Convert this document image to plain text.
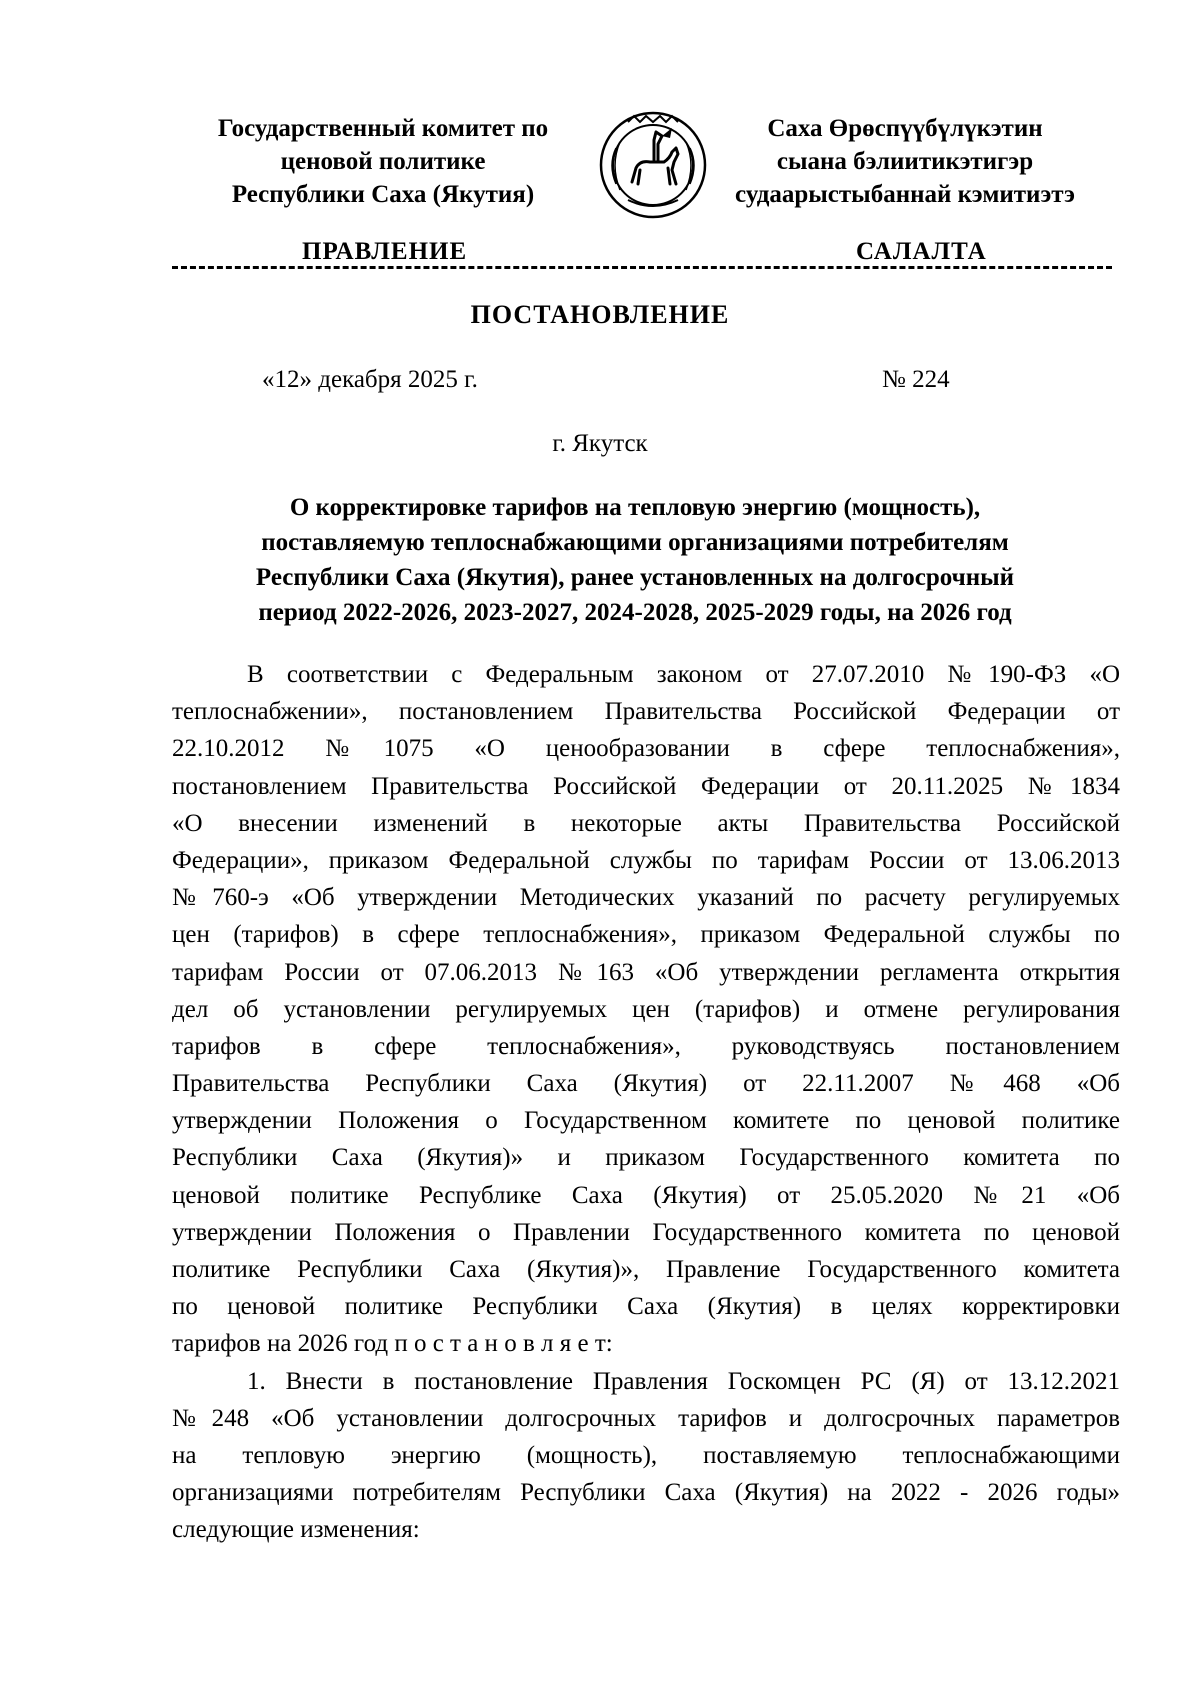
Государственный комитет по
ценовой политике
Республики Саха (Якутия)
Саха Өрөспүүбүлүкэтин
сыана бэлиитикэтигэр
судаарыстыбаннай кэмитиэтэ
ПРАВЛЕНИЕ	САЛАЛТА
ПОСТАНОВЛЕНИЕ
«12» декабря 2025 г.	№ 224
г. Якутск
О корректировке тарифов на тепловую энергию (мощность),
поставляемую теплоснабжающими организациями потребителям
Республики Саха (Якутия), ранее установленных на долгосрочный
период 2022-2026, 2023-2027, 2024-2028, 2025-2029 годы, на 2026 год
В соответствии с Федеральным законом от 27.07.2010 №190-ФЗ «О
теплоснабжении», постановлением Правительства Российской Федерации от
22.10.2012 №1075 «О ценообразовании в сфере теплоснабжения»,
постановлением Правительства Российской Федерации от 20.11.2025 №1834
«О внесении изменений в некоторые акты Правительства Российской
Федерации», приказом Федеральной службы по тарифам России от 13.06.2013
№760-э «Об утверждении Методических указаний по расчету регулируемых
цен (тарифов) в сфере теплоснабжения», приказом Федеральной службы по
тарифам России от 07.06.2013 №163 «Об утверждении регламента открытия
дел об установлении регулируемых цен (тарифов) и отмене регулирования
тарифов в сфере теплоснабжения», руководствуясь постановлением
Правительства Республики Саха (Якутия) от 22.11.2007 №468 «Об
утверждении Положения о Государственном комитете по ценовой политике
Республики Саха (Якутия)» и приказом Государственного комитета по
ценовой политике Республике Саха (Якутия) от 25.05.2020 №21 «Об
утверждении Положения о Правлении Государственного комитета по ценовой
политике Республики Саха (Якутия)», Правление Государственного комитета
по ценовой политике Республики Саха (Якутия) в целях корректировки
тарифов на 2026 год п о с т а н о в л я е т:
1. Внести в постановление Правления Госкомцен РС (Я) от 13.12.2021
№248 «Об установлении долгосрочных тарифов и долгосрочных параметров
на тепловую энергию (мощность), поставляемую теплоснабжающими
организациями потребителям Республики Саха (Якутия) на 2022 - 2026 годы»
следующие изменения:
